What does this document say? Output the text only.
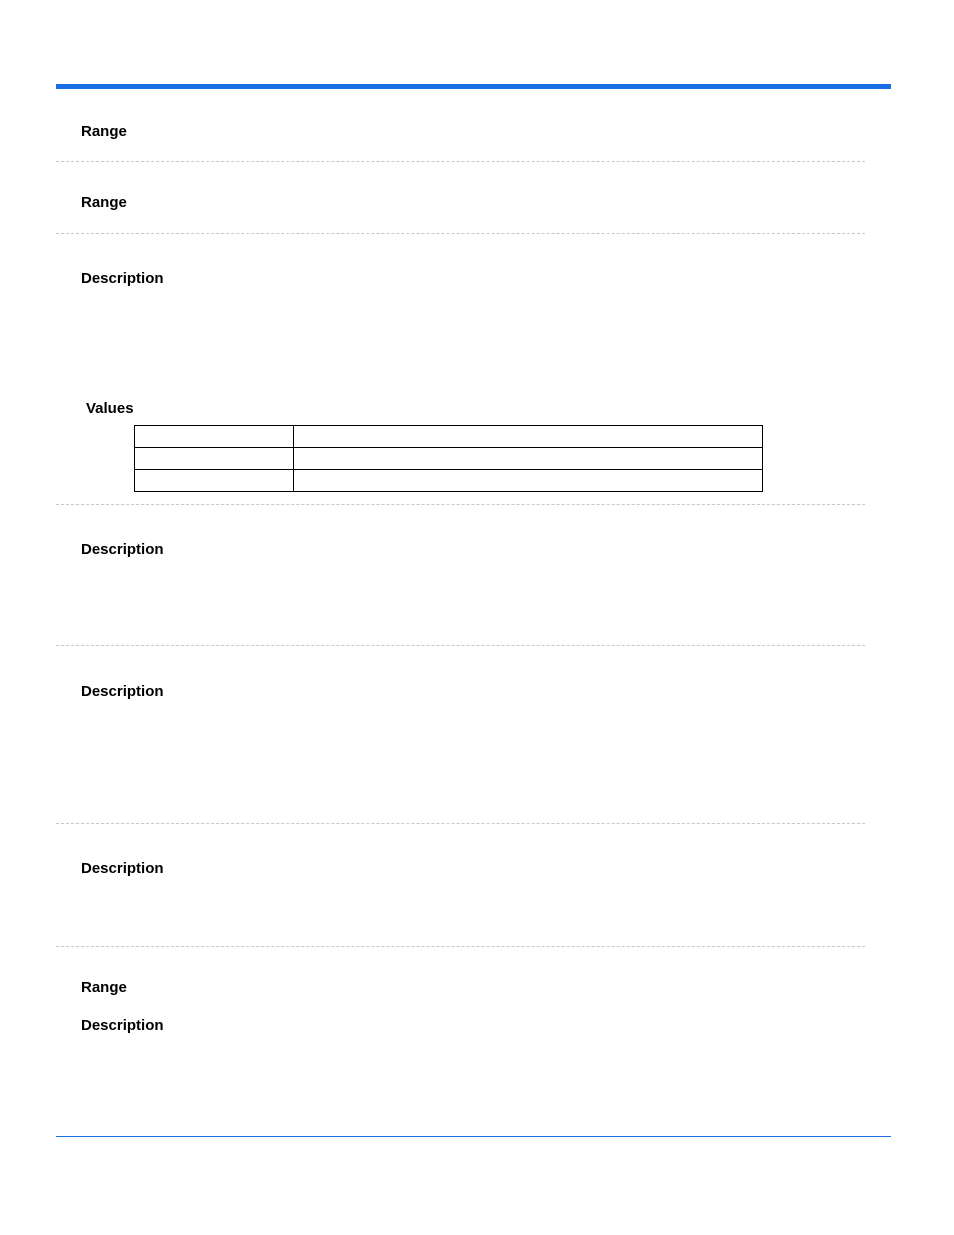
Range
Range
Description
Values

Description
Description
Description
Range
Description
